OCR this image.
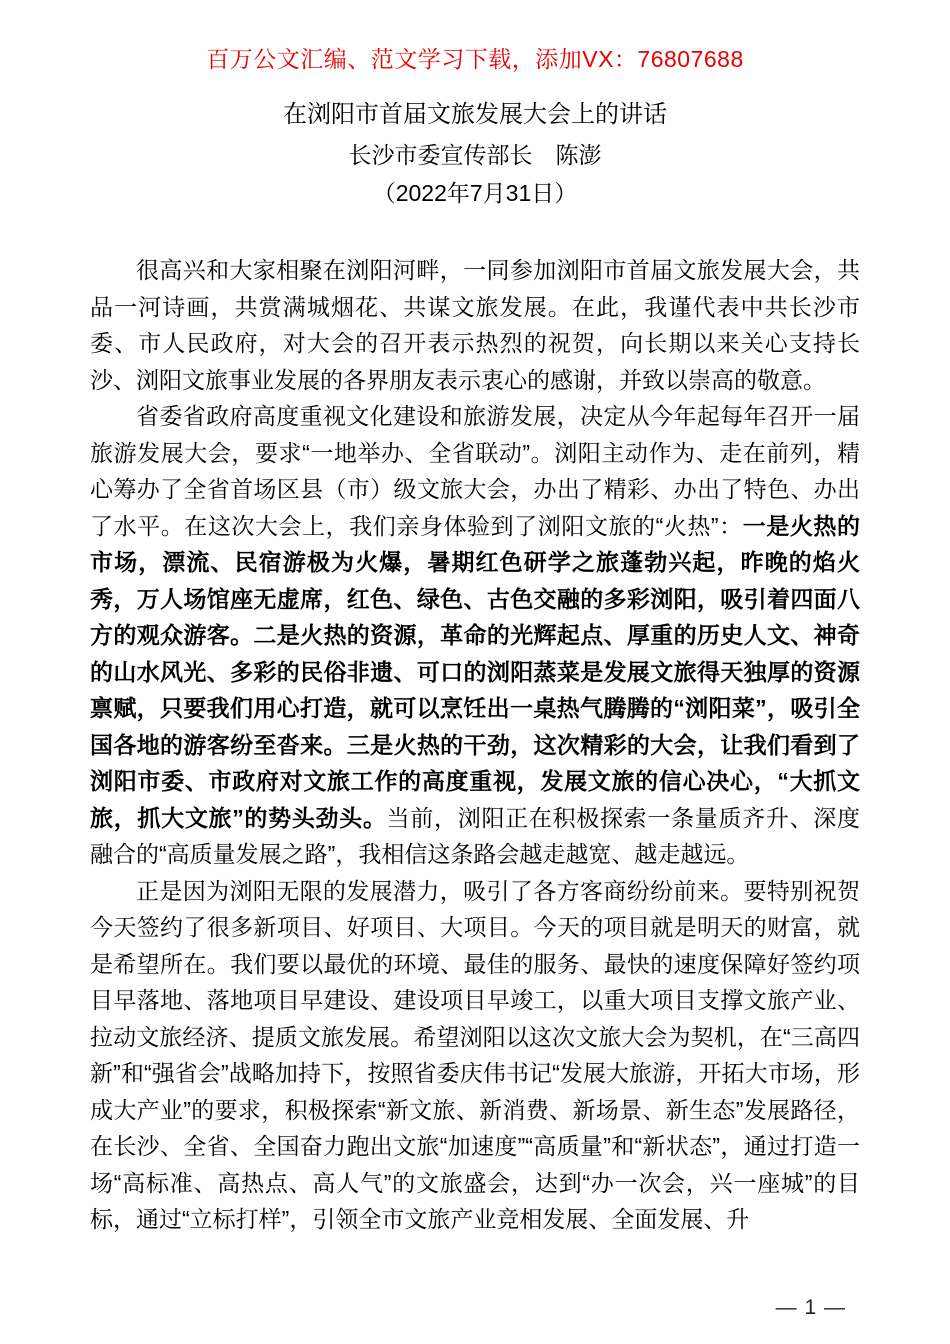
百万公文汇编、范文学习下载，添加VX：76807688
在浏阳市首届文旅发展大会上的讲话
长沙市委宣传部长　陈澎
（2022年7月31日）

很高兴和大家相聚在浏阳河畔，一同参加浏阳市首届文旅发展大会，共品一河诗画，共赏满城烟花、共谋文旅发展。在此，我谨代表中共长沙市委、市人民政府，对大会的召开表示热烈的祝贺，向长期以来关心支持长沙、浏阳文旅事业发展的各界朋友表示衷心的感谢，并致以崇高的敬意。

省委省政府高度重视文化建设和旅游发展，决定从今年起每年召开一届旅游发展大会，要求“一地举办、全省联动”。浏阳主动作为、走在前列，精心筹办了全省首场区县（市）级文旅大会，办出了精彩、办出了特色、办出了水平。在这次大会上，我们亲身体验到了浏阳文旅的“火热”：一是火热的市场，漂流、民宿游极为火爆，暑期红色研学之旅蓬勃兴起，昨晚的焰火秀，万人场馆座无虚席，红色、绿色、古色交融的多彩浏阳，吸引着四面八方的观众游客。二是火热的资源，革命的光辉起点、厚重的历史人文、神奇的山水风光、多彩的民俗非遗、可口的浏阳蒸菜是发展文旅得天独厚的资源禀赋，只要我们用心打造，就可以烹饪出一桌热气腾腾的“浏阳菜”，吸引全国各地的游客纷至沓来。三是火热的干劲，这次精彩的大会，让我们看到了浏阳市委、市政府对文旅工作的高度重视，发展文旅的信心决心，“大抓文旅，抓大文旅”的势头劲头。当前，浏阳正在积极探索一条量质齐升、深度融合的“高质量发展之路”，我相信这条路会越走越宽、越走越远。

正是因为浏阳无限的发展潜力，吸引了各方客商纷纷前来。要特别祝贺今天签约了很多新项目、好项目、大项目。今天的项目就是明天的财富，就是希望所在。我们要以最优的环境、最佳的服务、最快的速度保障好签约项目早落地、落地项目早建设、建设项目早竣工，以重大项目支撑文旅产业、拉动文旅经济、提质文旅发展。希望浏阳以这次文旅大会为契机，在“三高四新”和“强省会”战略加持下，按照省委庆伟书记“发展大旅游，开拓大市场，形成大产业”的要求，积极探索“新文旅、新消费、新场景、新生态”发展路径，在长沙、全省、全国奋力跑出文旅“加速度”“高质量”和“新状态”，通过打造一场“高标准、高热点、高人气”的文旅盛会，达到“办一次会，兴一座城”的目标，通过“立标打样”，引领全市文旅产业竞相发展、全面发展、升

— 1 —
